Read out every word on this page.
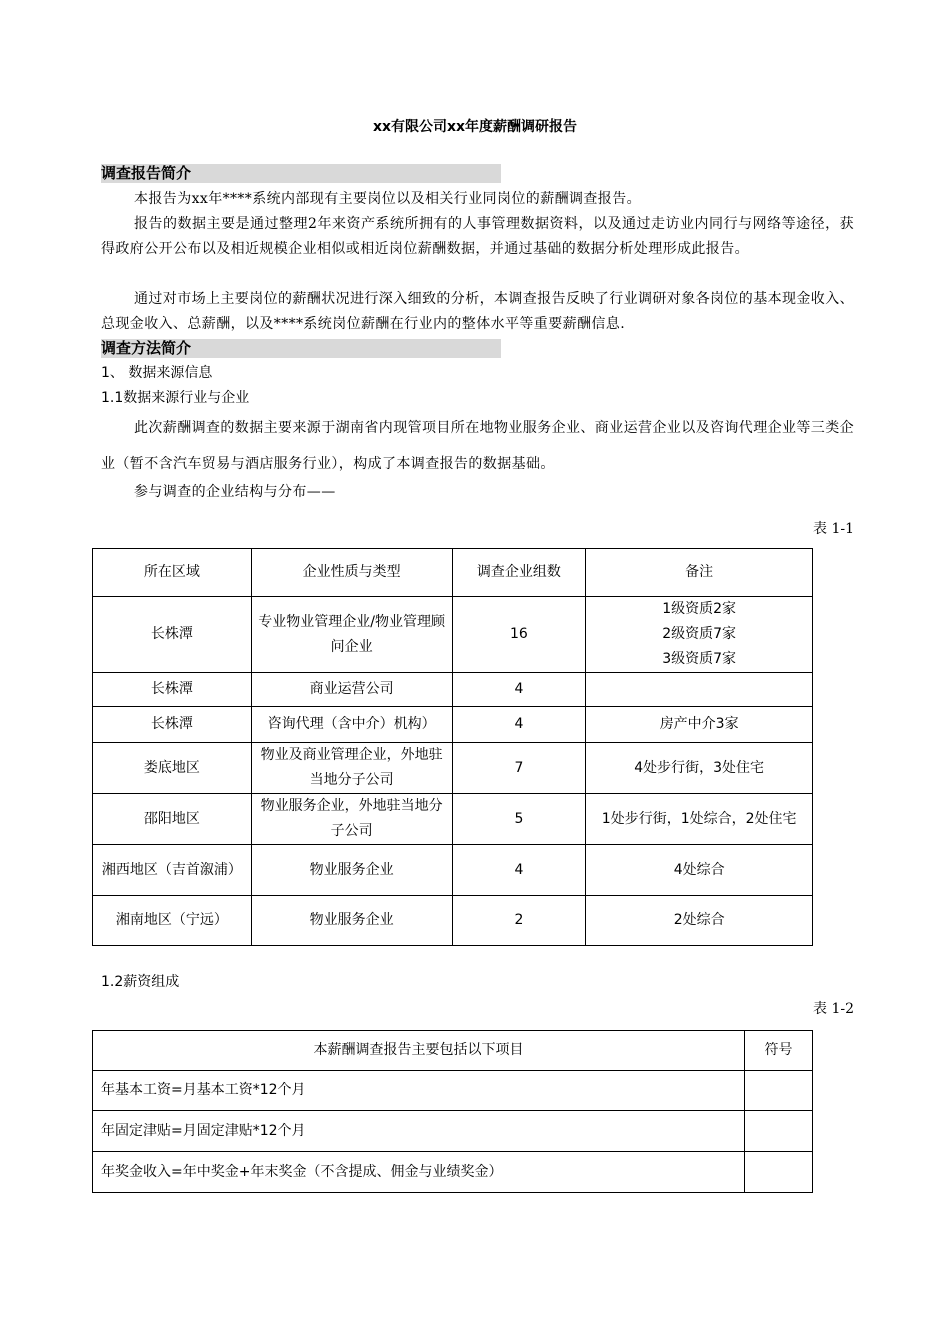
xx有限公司xx年度薪酬调研报告
调查报告简介
本报告为xx年****系统内部现有主要岗位以及相关行业同岗位的薪酬调查报告。
报告的数据主要是通过整理2年来资产系统所拥有的人事管理数据资料，以及通过走访业内同行与网络等途径，获得政府公开公布以及相近规模企业相似或相近岗位薪酬数据，并通过基础的数据分析处理形成此报告。
通过对市场上主要岗位的薪酬状况进行深入细致的分析，本调查报告反映了行业调研对象各岗位的基本现金收入、总现金收入、总薪酬，以及****系统岗位薪酬在行业内的整体水平等重要薪酬信息.
调查方法简介
1、 数据来源信息
1.1数据来源行业与企业
此次薪酬调查的数据主要来源于湖南省内现管项目所在地物业服务企业、商业运营企业以及咨询代理企业等三类企业（暂不含汽车贸易与酒店服务行业），构成了本调查报告的数据基础。
参与调查的企业结构与分布——
表 1-1
所在区域	企业性质与类型	调查企业组数	备注
长株潭	专业物业管理企业/物业管理顾问企业	16	1级资质2家
2级资质7家
3级资质7家

长株潭	商业运营公司	4	
长株潭	咨询代理（含中介）机构）	4	房产中介3家
娄底地区	物业及商业管理企业，外地驻当地分子公司	7	4处步行街，3处住宅
邵阳地区	物业服务企业，外地驻当地分子公司	5	1处步行街，1处综合，2处住宅
湘西地区（吉首溆浦）	物业服务企业	4	4处综合
湘南地区（宁远）	物业服务企业	2	2处综合
1.2薪资组成
表 1-2
本薪酬调查报告主要包括以下项目	符号
年基本工资=月基本工资*12个月	
年固定津贴=月固定津贴*12个月	
年奖金收入=年中奖金+年末奖金（不含提成、佣金与业绩奖金）	
